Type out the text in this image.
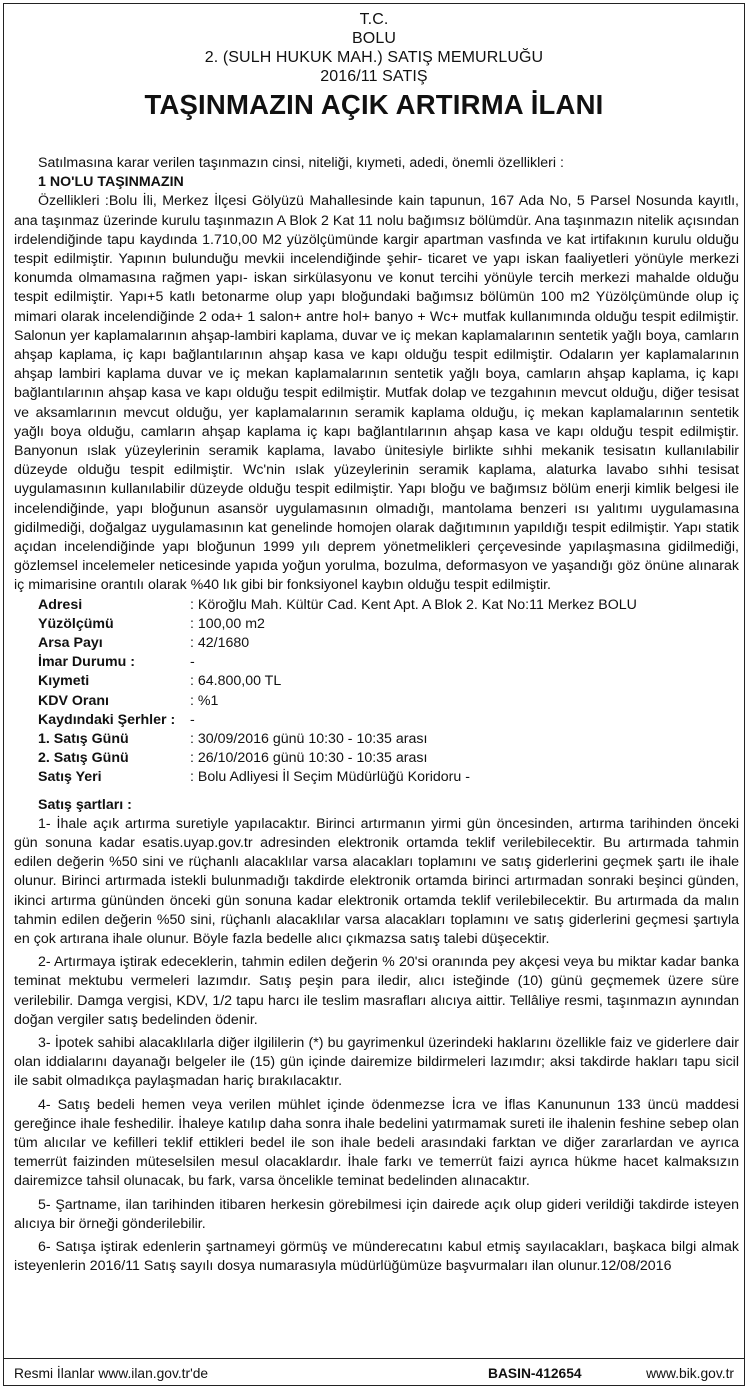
T.C.
BOLU
2. (SULH HUKUK MAH.) SATIŞ MEMURLUĞU
2016/11 SATIŞ
TAŞINMAZIN AÇIK ARTIRMA İLANI

Satılmasına karar verilen taşınmazın cinsi, niteliği, kıymeti, adedi, önemli özellikleri :

1 NO'LU TAŞINMAZIN

Özellikleri :Bolu İli, Merkez İlçesi Gölyüzü Mahallesinde kain tapunun, 167 Ada No, 5 Parsel Nosunda kayıtlı, ana taşınmaz üzerinde kurulu taşınmazın A Blok 2 Kat 11 nolu bağımsız bölümdür. Ana taşınmazın nitelik açısından irdelendiğinde tapu kaydında 1.710,00 M2 yüzölçümünde kargir apartman vasfında ve kat irtifakının kurulu olduğu tespit edilmiştir. Yapının bulunduğu mevkii incelendiğinde şehir- ticaret ve yapı iskan faaliyetleri yönüyle merkezi konumda olmamasına rağmen yapı- iskan sirkülasyonu ve konut tercihi yönüyle tercih merkezi mahalde olduğu tespit edilmiştir. Yapı+5 katlı betonarme olup yapı bloğundaki bağımsız bölümün 100 m2 Yüzölçümünde olup iç mimari olarak incelendiğinde 2 oda+ 1 salon+ antre hol+ banyo + Wc+ mutfak kullanımında olduğu tespit edilmiştir. Salonun yer kaplamalarının ahşap-lambiri kaplama, duvar ve iç mekan kaplamalarının sentetik yağlı boya, camların ahşap kaplama, iç kapı bağlantılarının ahşap kasa ve kapı olduğu tespit edilmiştir. Odaların yer kaplamalarının ahşap lambiri kaplama duvar ve iç mekan kaplamalarının sentetik yağlı boya, camların ahşap kaplama, iç kapı bağlantılarının ahşap kasa ve kapı olduğu tespit edilmiştir. Mutfak dolap ve tezgahının mevcut olduğu, diğer tesisat ve aksamlarının mevcut olduğu, yer kaplamalarının seramik kaplama olduğu, iç mekan kaplamalarının sentetik yağlı boya olduğu, camların ahşap kaplama iç kapı bağlantılarının ahşap kasa ve kapı olduğu tespit edilmiştir. Banyonun ıslak yüzeylerinin seramik kaplama, lavabo ünitesiyle birlikte sıhhi mekanik tesisatın kullanılabilir düzeyde olduğu tespit edilmiştir. Wc'nin ıslak yüzeylerinin seramik kaplama, alaturka lavabo sıhhi tesisat uygulamasının kullanılabilir düzeyde olduğu tespit edilmiştir. Yapı bloğu ve bağımsız bölüm enerji kimlik belgesi ile incelendiğinde, yapı bloğunun asansör uygulamasının olmadığı, mantolama benzeri ısı yalıtımı uygulamasına gidilmediği, doğalgaz uygulamasının kat genelinde homojen olarak dağıtımının yapıldığı tespit edilmiştir. Yapı statik açıdan incelendiğinde yapı bloğunun 1999 yılı deprem yönetmelikleri çerçevesinde yapılaşmasına gidilmediği, gözlemsel incelemeler neticesinde yapıda yoğun yorulma, bozulma, deformasyon ve yaşandığı göz önüne alınarak iç mimarisine orantılı olarak %40 lık gibi bir fonksiyonel kaybın olduğu tespit edilmiştir.

Adresi	: Köroğlu Mah. Kültür Cad. Kent Apt. A Blok 2. Kat No:11 Merkez BOLU
Yüzölçümü	: 100,00 m2
Arsa Payı	: 42/1680
İmar Durumu :	-
Kıymeti	: 64.800,00 TL
KDV Oranı	: %1
Kaydındaki Şerhler :	-
1. Satış Günü	: 30/09/2016 günü 10:30 - 10:35 arası
2. Satış Günü	: 26/10/2016 günü 10:30 - 10:35 arası
Satış Yeri	: Bolu Adliyesi İl Seçim Müdürlüğü Koridoru -

Satış şartları :

1- İhale açık artırma suretiyle yapılacaktır. Birinci artırmanın yirmi gün öncesinden, artırma tarihinden önceki gün sonuna kadar esatis.uyap.gov.tr adresinden elektronik ortamda teklif verilebilecektir. Bu artırmada tahmin edilen değerin %50 sini ve rüçhanlı alacaklılar varsa alacakları toplamını ve satış giderlerini geçmek şartı ile ihale olunur. Birinci artırmada istekli bulunmadığı takdirde elektronik ortamda birinci artırmadan sonraki beşinci günden, ikinci artırma gününden önceki gün sonuna kadar elektronik ortamda teklif verilebilecektir. Bu artırmada da malın tahmin edilen değerin %50 sini, rüçhanlı alacaklılar varsa alacakları toplamını ve satış giderlerini geçmesi şartıyla en çok artırana ihale olunur. Böyle fazla bedelle alıcı çıkmazsa satış talebi düşecektir.

2- Artırmaya iştirak edeceklerin, tahmin edilen değerin % 20'si oranında pey akçesi veya bu miktar kadar banka teminat mektubu vermeleri lazımdır. Satış peşin para iledir, alıcı isteğinde (10) günü geçmemek üzere süre verilebilir. Damga vergisi, KDV, 1/2 tapu harcı ile teslim masrafları alıcıya aittir. Tellâliye resmi, taşınmazın aynından doğan vergiler satış bedelinden ödenir.

3- İpotek sahibi alacaklılarla diğer ilgililerin (*) bu gayrimenkul üzerindeki haklarını özellikle faiz ve giderlere dair olan iddialarını dayanağı belgeler ile (15) gün içinde dairemize bildirmeleri lazımdır; aksi takdirde hakları tapu sicil ile sabit olmadıkça paylaşmadan hariç bırakılacaktır.

4- Satış bedeli hemen veya verilen mühlet içinde ödenmezse İcra ve İflas Kanununun 133 üncü maddesi gereğince ihale feshedilir. İhaleye katılıp daha sonra ihale bedelini yatırmamak sureti ile ihalenin feshine sebep olan tüm alıcılar ve kefilleri teklif ettikleri bedel ile son ihale bedeli arasındaki farktan ve diğer zararlardan ve ayrıca temerrüt faizinden müteselsilen mesul olacaklardır. İhale farkı ve temerrüt faizi ayrıca hükme hacet kalmaksızın dairemizce tahsil olunacak, bu fark, varsa öncelikle teminat bedelinden alınacaktır.

5- Şartname, ilan tarihinden itibaren herkesin görebilmesi için dairede açık olup gideri verildiği takdirde isteyen alıcıya bir örneği gönderilebilir.

6- Satışa iştirak edenlerin şartnameyi görmüş ve münderecatını kabul etmiş sayılacakları, başkaca bilgi almak isteyenlerin 2016/11 Satış sayılı dosya numarasıyla müdürlüğümüze başvurmaları ilan olunur.12/08/2016

Resmi İlanlar www.ilan.gov.tr'de	BASIN-412654	www.bik.gov.tr
